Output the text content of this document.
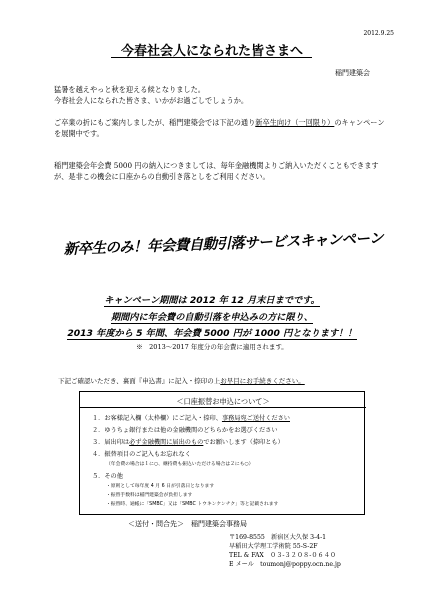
2012.9.25
今春社会人になられた皆さまへ
稲門建築会
猛暑を越えやっと秋を迎える候となりました。
今春社会人になられた皆さま、いかがお過ごしでしょうか。
ご卒業の折にもご案内しましたが、稲門建築会では下記の通り新卒生向け（一回限り）のキャンペーンを展開中です。
稲門建築会年会費 5000 円の納入につきましては、毎年金融機関よりご納入いただくこともできますが、是非この機会に口座からの自動引き落としをご利用ください。
新卒生のみ！年会費自動引落サービスキャンペーン
キャンペーン期間は 2012 年 12 月末日までです。
期間内に年会費の自動引落を申込みの方に限り、
2013 年度から 5 年間、年会費 5000 円が 1000 円となります！！
※　2013～2017 年度分の年会費に適用されます。
下記ご確認いただき、裏面『申込書』に記入・捺印の上お早目にお手続きください。
＜口座振替お申込について＞
１．お客様記入欄（太枠欄）にご記入・捺印、事務局宛ご送付ください
２．ゆうちょ銀行または他の金融機関のどちらかをお選びください
３．届出印は必ず金融機関に届出のものでお願いします（捺印とも）
４．振替項目のご記入もお忘れなく
（年会費の場合は１に○、継持費も振込いただける場合は２にも○）
５．その他
・原則として毎年度 4 月 6 日が引落日となります
・振替手数料は稲門建築会が負担します
・振替時、通帳に「SMBC」又は「SMBC トウキンケンチク」等と記載されます
＜送付・問合先＞　稲門建築会事務局
〒169-8555　新宿区大久保 3-4-1
早稲田大学理工学術院 55-S-2F
TEL & FAX　０３-３２０８-０６４０
E メール　toumonj@poppy.ocn.ne.jp
